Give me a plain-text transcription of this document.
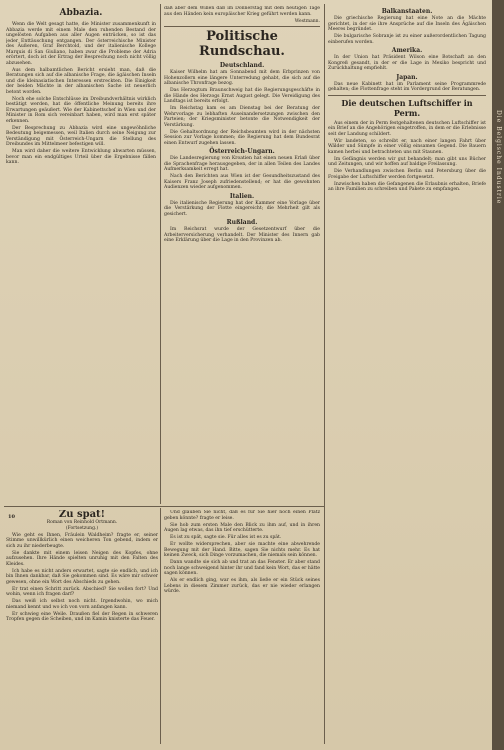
Abbazia.

Wenn die Welt gesagt hatte, die Minister zusammenkunft in Abbazia werde mit einem Male den ruhenden Bestand der ungelösten Aufgaben aus aller Augen entrücken, so ist das jeder Enttäuschung entgangen. Der österreichische Minister des Äußeren, Graf Berchtold, und der italienische Kollege Marquis di San Giuliano, haben zwar die Probleme der Adria erörtert, doch ist der Ertrag der Besprechung noch nicht völlig abzusehen.

Aus dem halbamtlichen Bericht ersieht man, daß die Beratungen sich auf die albanische Frage, die ägäischen Inseln und die kleinasiatischen Interessen erstreckten. Die Einigkeit der beiden Mächte in der albanischen Sache ist neuerlich betont worden.

Noch ehe solche Entschlüsse im Dreibundverhältnis wirklich bestätigt werden, hat die öffentliche Meinung bereits ihre Erwartungen geäußert. Wie der Kabinettschef in Wien und der Minister in Rom sich vereinbart haben, wird man erst später erkennen.

Der Besprechung zu Abbazia wird eine ungewöhnliche Bedeutung beigemessen, weil Italien durch seine Neigung zur Verständigung mit Österreich-Ungarn die Stellung des Dreibundes im Mittelmeer befestigen will.

Man wird daher die weitere Entwicklung abwarten müssen, bevor man ein endgültiges Urteil über die Ergebnisse fällen kann.

daß aber dem Willen daß im Donnerstag mit dem heutigen Tage aus den Händen kein europäischer Krieg geführt werden kann.

Westmann.
Politische Rundschau.
Deutschland.

Kaiser Wilhelm hat am Sonnabend mit dem Erbprinzen von Hohenzollern eine längere Unterredung gehabt, die sich auf die albanische Thronfrage bezog.

Das Herzogtum Braunschweig hat die Regierungsgeschäfte in die Hände des Herzogs Ernst August gelegt. Die Vereidigung des Landtags ist bereits erfolgt.

Im Reichstag kam es am Dienstag bei der Beratung der Wehrvorlage zu lebhaften Auseinandersetzungen zwischen den Parteien; der Kriegsminister betonte die Notwendigkeit der Verstärkung.

Die Gehaltsordnung der Reichsbeamten wird in der nächsten Session zur Vorlage kommen; die Regierung hat dem Bundesrat einen Entwurf zugehen lassen.

Österreich-Ungarn.

Die Landesregierung von Kroatien hat einen neuen Erlaß über die Sprachenfrage herausgegeben, der in allen Teilen des Landes Aufmerksamkeit erregt hat.

Nach den Berichten aus Wien ist der Gesundheitszustand des Kaisers Franz Joseph zufriedenstellend; er hat die gewohnten Audienzen wieder aufgenommen.

Italien.

Die italienische Regierung hat der Kammer eine Vorlage über die Verstärkung der Flotte eingereicht; die Mehrheit gilt als gesichert.

Rußland.

Im Reichsrat wurde der Gesetzentwurf über die Arbeiterversicherung verhandelt. Der Minister des Innern gab eine Erklärung über die Lage in den Provinzen ab.

Balkanstaaten.

Die griechische Regierung hat eine Note an die Mächte gerichtet, in der sie ihre Ansprüche auf die Inseln des Ägäischen Meeres begründet.

Die bulgarische Sobranje ist zu einer außerordentlichen Tagung einberufen worden.

Amerika.

In der Union hat Präsident Wilson eine Botschaft an den Kongreß gesandt, in der er die Lage in Mexiko bespricht und Zurückhaltung empfiehlt.

Japan.

Das neue Kabinett hat im Parlament seine Programmrede gehalten; die Flottenfrage steht im Vordergrund der Beratungen.

Die deutschen Luftschiffer in Perm.

Aus einem der in Perm festgehaltenen deutschen Luftschiffer ist ein Brief an die Angehörigen eingetroffen, in dem er die Erlebnisse seit der Landung schildert.

Wir landeten, so schreibt er, nach einer langen Fahrt über Wälder und Sümpfe in einer völlig einsamen Gegend. Die Bauern kamen herbei und betrachteten uns mit Staunen.

Im Gefängnis werden wir gut behandelt; man gibt uns Bücher und Zeitungen, und wir hoffen auf baldige Freilassung.

Die Verhandlungen zwischen Berlin und Petersburg über die Freigabe der Luftschiffer werden fortgesetzt.

Inzwischen haben die Gefangenen die Erlaubnis erhalten, Briefe an ihre Familien zu schreiben und Pakete zu empfangen.

10	Zu spät!
Roman von Reinhold Ortmann.
(Fortsetzung.)

Wie geht es Ihnen, Fräulein Waldheim? fragte er, seiner Stimme unwillkürlich einen weicheren Ton gebend, indem er sich zu ihr niederbeugte.

Sie dankte mit einem leisen Neigen des Kopfes, ohne aufzusehen. Ihre Hände spielten unruhig mit den Falten des Kleides.

Ich habe es nicht anders erwartet, sagte sie endlich, und ich bin Ihnen dankbar, daß Sie gekommen sind. Es wäre mir schwer gewesen, ohne ein Wort des Abschieds zu gehen.

Er trat einen Schritt zurück. Abschied? Sie wollen fort? Und wohin, wenn ich fragen darf?

Das weiß ich selbst noch nicht. Irgendwohin, wo mich niemand kennt und wo ich von vorn anfangen kann.

Er schwieg eine Weile. Draußen fiel der Regen in schweren Tropfen gegen die Scheiben, und im Kamin knisterte das Feuer.

Und glauben Sie nicht, daß es für Sie hier noch einen Platz geben könnte? fragte er leise.

Sie hob zum ersten Male den Blick zu ihm auf, und in ihren Augen lag etwas, das ihn tief erschütterte.

Es ist zu spät, sagte sie. Für alles ist es zu spät.

Er wollte widersprechen, aber sie machte eine abwehrende Bewegung mit der Hand. Bitte, sagen Sie nichts mehr. Es hat keinen Zweck, sich Dinge vorzumachen, die niemals sein können.

Dann wandte sie sich ab und trat an das Fenster. Er aber stand noch lange schweigend hinter ihr und fand kein Wort, das er hätte sagen können.

Als er endlich ging, war es ihm, als ließe er ein Stück seines Lebens in diesem Zimmer zurück, das er nie wieder erlangen würde.

Die Belgische Industrie
